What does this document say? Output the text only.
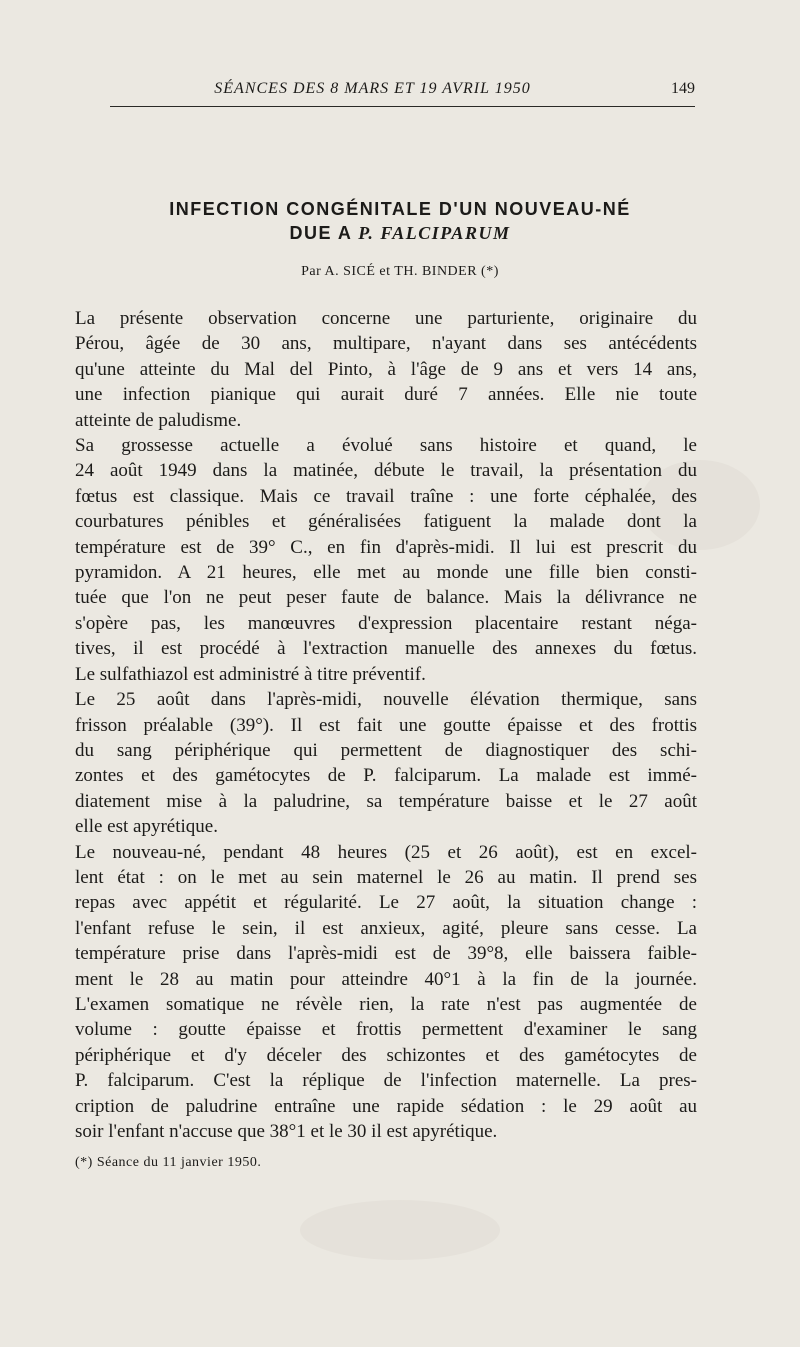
SÉANCES DES 8 MARS ET 19 AVRIL 1950	149
INFECTION CONGÉNITALE D'UN NOUVEAU-NÉ
DUE A P. FALCIPARUM
Par A. SICÉ et TH. BINDER (*)
La présente observation concerne une parturiente, originaire du
Pérou, âgée de 30 ans, multipare, n'ayant dans ses antécédents
qu'une atteinte du Mal del Pinto, à l'âge de 9 ans et vers 14 ans,
une infection pianique qui aurait duré 7 années. Elle nie toute
atteinte de paludisme.
Sa grossesse actuelle a évolué sans histoire et quand, le
24 août 1949 dans la matinée, débute le travail, la présentation du
fœtus est classique. Mais ce travail traîne : une forte céphalée, des
courbatures pénibles et généralisées fatiguent la malade dont la
température est de 39° C., en fin d'après-midi. Il lui est prescrit du
pyramidon. A 21 heures, elle met au monde une fille bien consti-
tuée que l'on ne peut peser faute de balance. Mais la délivrance ne
s'opère pas, les manœuvres d'expression placentaire restant néga-
tives, il est procédé à l'extraction manuelle des annexes du fœtus.
Le sulfathiazol est administré à titre préventif.
Le 25 août dans l'après-midi, nouvelle élévation thermique, sans
frisson préalable (39°). Il est fait une goutte épaisse et des frottis
du sang périphérique qui permettent de diagnostiquer des schi-
zontes et des gamétocytes de P. falciparum. La malade est immé-
diatement mise à la paludrine, sa température baisse et le 27 août
elle est apyrétique.
Le nouveau-né, pendant 48 heures (25 et 26 août), est en excel-
lent état : on le met au sein maternel le 26 au matin. Il prend ses
repas avec appétit et régularité. Le 27 août, la situation change :
l'enfant refuse le sein, il est anxieux, agité, pleure sans cesse. La
température prise dans l'après-midi est de 39°8, elle baissera faible-
ment le 28 au matin pour atteindre 40°1 à la fin de la journée.
L'examen somatique ne révèle rien, la rate n'est pas augmentée de
volume : goutte épaisse et frottis permettent d'examiner le sang
périphérique et d'y déceler des schizontes et des gamétocytes de
P. falciparum. C'est la réplique de l'infection maternelle. La pres-
cription de paludrine entraîne une rapide sédation : le 29 août au
soir l'enfant n'accuse que 38°1 et le 30 il est apyrétique.
(*) Séance du 11 janvier 1950.
